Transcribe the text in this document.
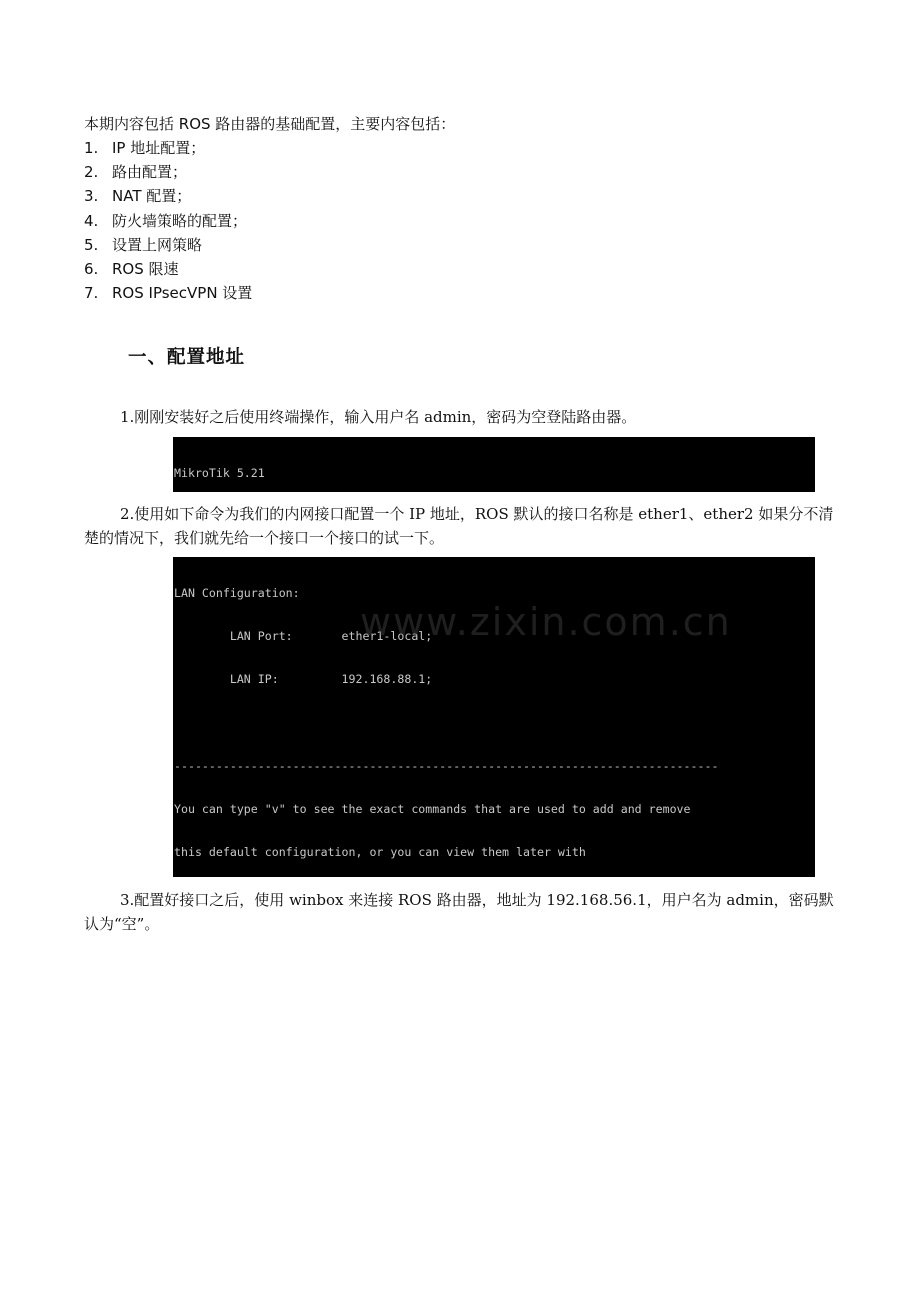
本期内容包括 ROS 路由器的基础配置，主要内容包括：
1. IP 地址配置；
2. 路由配置；
3. NAT 配置；
4. 防火墙策略的配置；
5. 设置上网策略
6. ROS 限速
7. ROS IPsecVPN 设置
一、配置地址
1.刚刚安装好之后使用终端操作，输入用户名 admin，密码为空登陆路由器。

MikroTik 5.21

2.使用如下命令为我们的内网接口配置一个 IP 地址，ROS 默认的接口名称是 ether1、ether2 如果分不清楚的情况下，我们就先给一个接口一个接口的试一下。

LAN Configuration:

LAN Port:       ether1-local;

LAN IP:         192.168.88.1;

------------------------------------------------------------------------------

You can type "v" to see the exact commands that are used to add and remove

this default configuration, or you can view them later with

www.zixin.com.cn
3.配置好接口之后，使用 winbox 来连接 ROS 路由器，地址为 192.168.56.1，用户名为 admin，密码默认为“空”。
